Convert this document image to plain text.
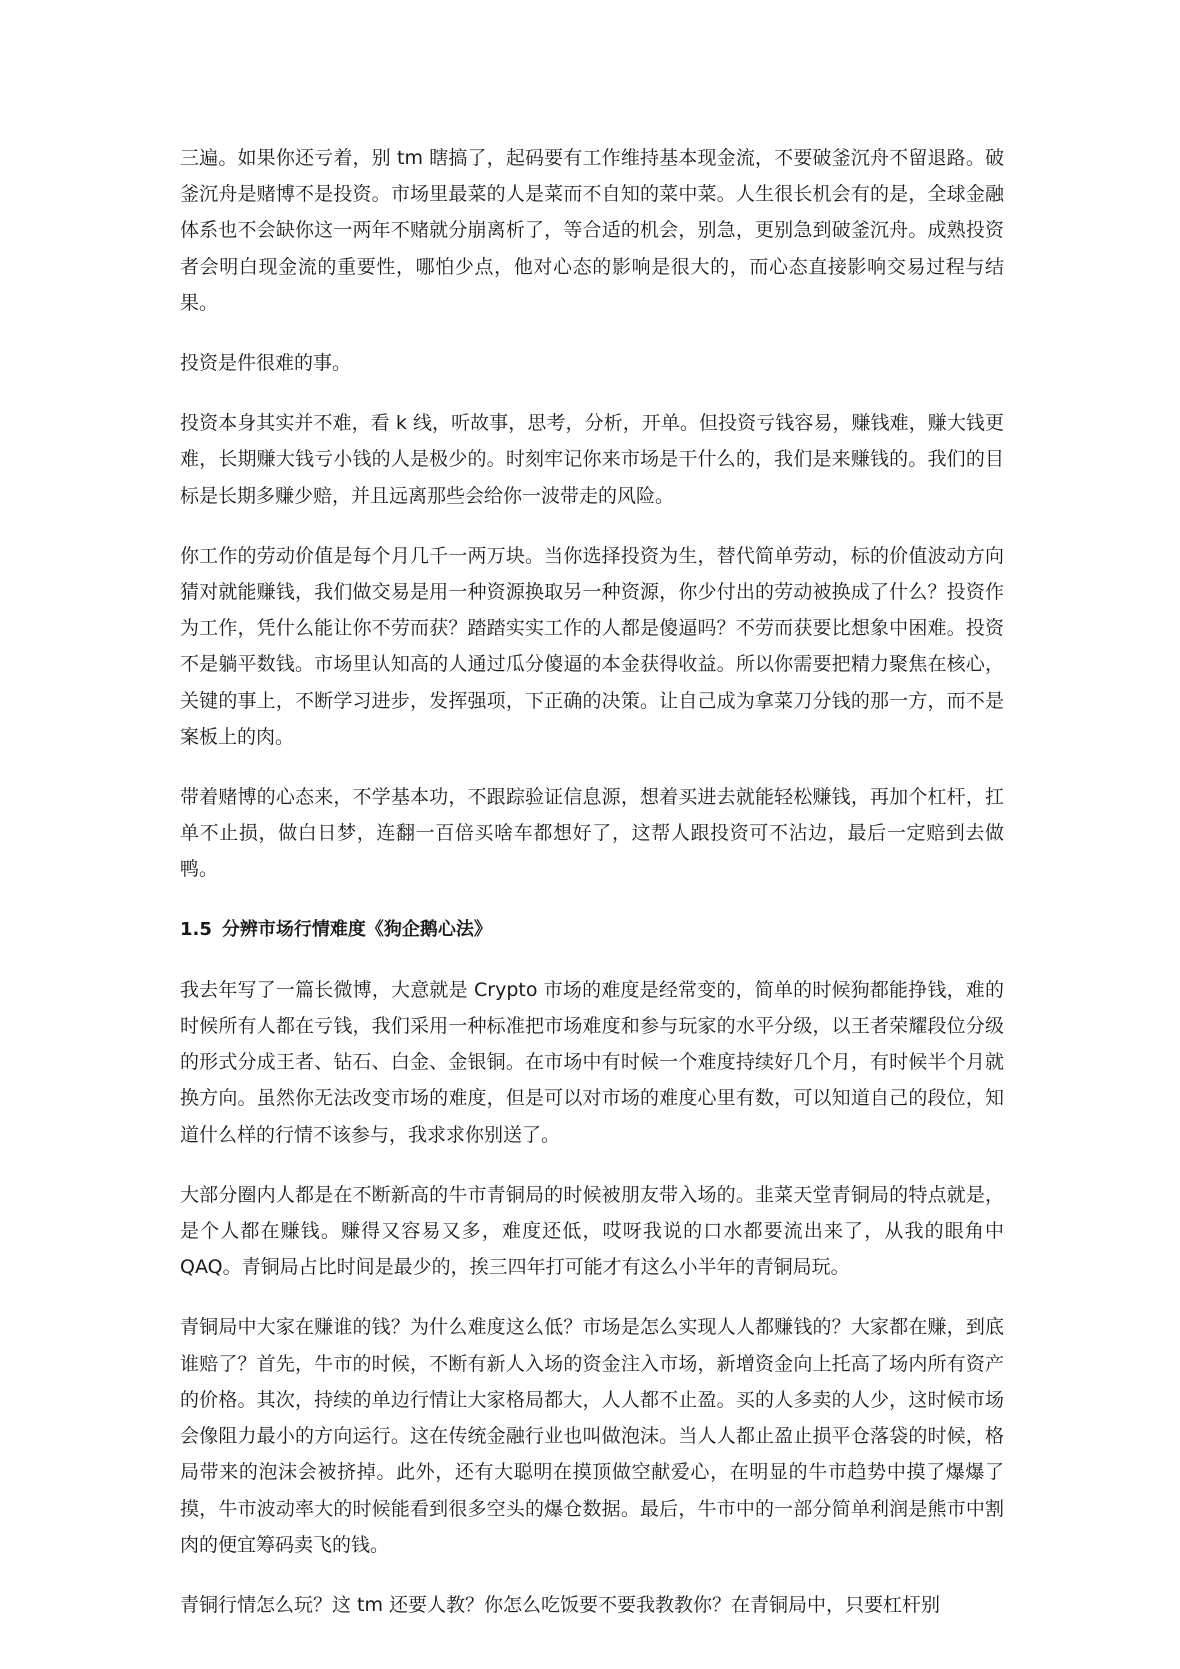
三遍。如果你还亏着，别 tm 瞎搞了，起码要有工作维持基本现金流，不要破釜沉舟不留退路。破釜沉舟是赌博不是投资。市场里最菜的人是菜而不自知的菜中菜。人生很长机会有的是，全球金融体系也不会缺你这一两年不赌就分崩离析了，等合适的机会，别急，更别急到破釜沉舟。成熟投资者会明白现金流的重要性，哪怕少点，他对心态的影响是很大的，而心态直接影响交易过程与结果。

投资是件很难的事。

投资本身其实并不难，看 k 线，听故事，思考，分析，开单。但投资亏钱容易，赚钱难，赚大钱更难，长期赚大钱亏小钱的人是极少的。时刻牢记你来市场是干什么的，我们是来赚钱的。我们的目标是长期多赚少赔，并且远离那些会给你一波带走的风险。

你工作的劳动价值是每个月几千一两万块。当你选择投资为生，替代简单劳动，标的价值波动方向猜对就能赚钱，我们做交易是用一种资源换取另一种资源，你少付出的劳动被换成了什么？投资作为工作，凭什么能让你不劳而获？踏踏实实工作的人都是傻逼吗？不劳而获要比想象中困难。投资不是躺平数钱。市场里认知高的人通过瓜分傻逼的本金获得收益。所以你需要把精力聚焦在核心，关键的事上，不断学习进步，发挥强项，下正确的决策。让自己成为拿菜刀分钱的那一方，而不是案板上的肉。

带着赌博的心态来，不学基本功，不跟踪验证信息源，想着买进去就能轻松赚钱，再加个杠杆，扛单不止损，做白日梦，连翻一百倍买啥车都想好了，这帮人跟投资可不沾边，最后一定赔到去做鸭。

1.5 分辨市场行情难度《狗企鹅心法》

我去年写了一篇长微博，大意就是 Crypto 市场的难度是经常变的，简单的时候狗都能挣钱，难的时候所有人都在亏钱，我们采用一种标准把市场难度和参与玩家的水平分级，以王者荣耀段位分级的形式分成王者、钻石、白金、金银铜。在市场中有时候一个难度持续好几个月，有时候半个月就换方向。虽然你无法改变市场的难度，但是可以对市场的难度心里有数，可以知道自己的段位，知道什么样的行情不该参与，我求求你别送了。

大部分圈内人都是在不断新高的牛市青铜局的时候被朋友带入场的。韭菜天堂青铜局的特点就是，是个人都在赚钱。赚得又容易又多，难度还低，哎呀我说的口水都要流出来了，从我的眼角中 QAQ。青铜局占比时间是最少的，挨三四年打可能才有这么小半年的青铜局玩。

青铜局中大家在赚谁的钱？为什么难度这么低？市场是怎么实现人人都赚钱的？大家都在赚，到底谁赔了？首先，牛市的时候，不断有新人入场的资金注入市场，新增资金向上托高了场内所有资产的价格。其次，持续的单边行情让大家格局都大，人人都不止盈。买的人多卖的人少，这时候市场会像阻力最小的方向运行。这在传统金融行业也叫做泡沫。当人人都止盈止损平仓落袋的时候，格局带来的泡沫会被挤掉。此外，还有大聪明在摸顶做空献爱心，在明显的牛市趋势中摸了爆爆了摸，牛市波动率大的时候能看到很多空头的爆仓数据。最后，牛市中的一部分简单利润是熊市中割肉的便宜筹码卖飞的钱。

青铜行情怎么玩？这 tm 还要人教？你怎么吃饭要不要我教教你？在青铜局中，只要杠杆别
